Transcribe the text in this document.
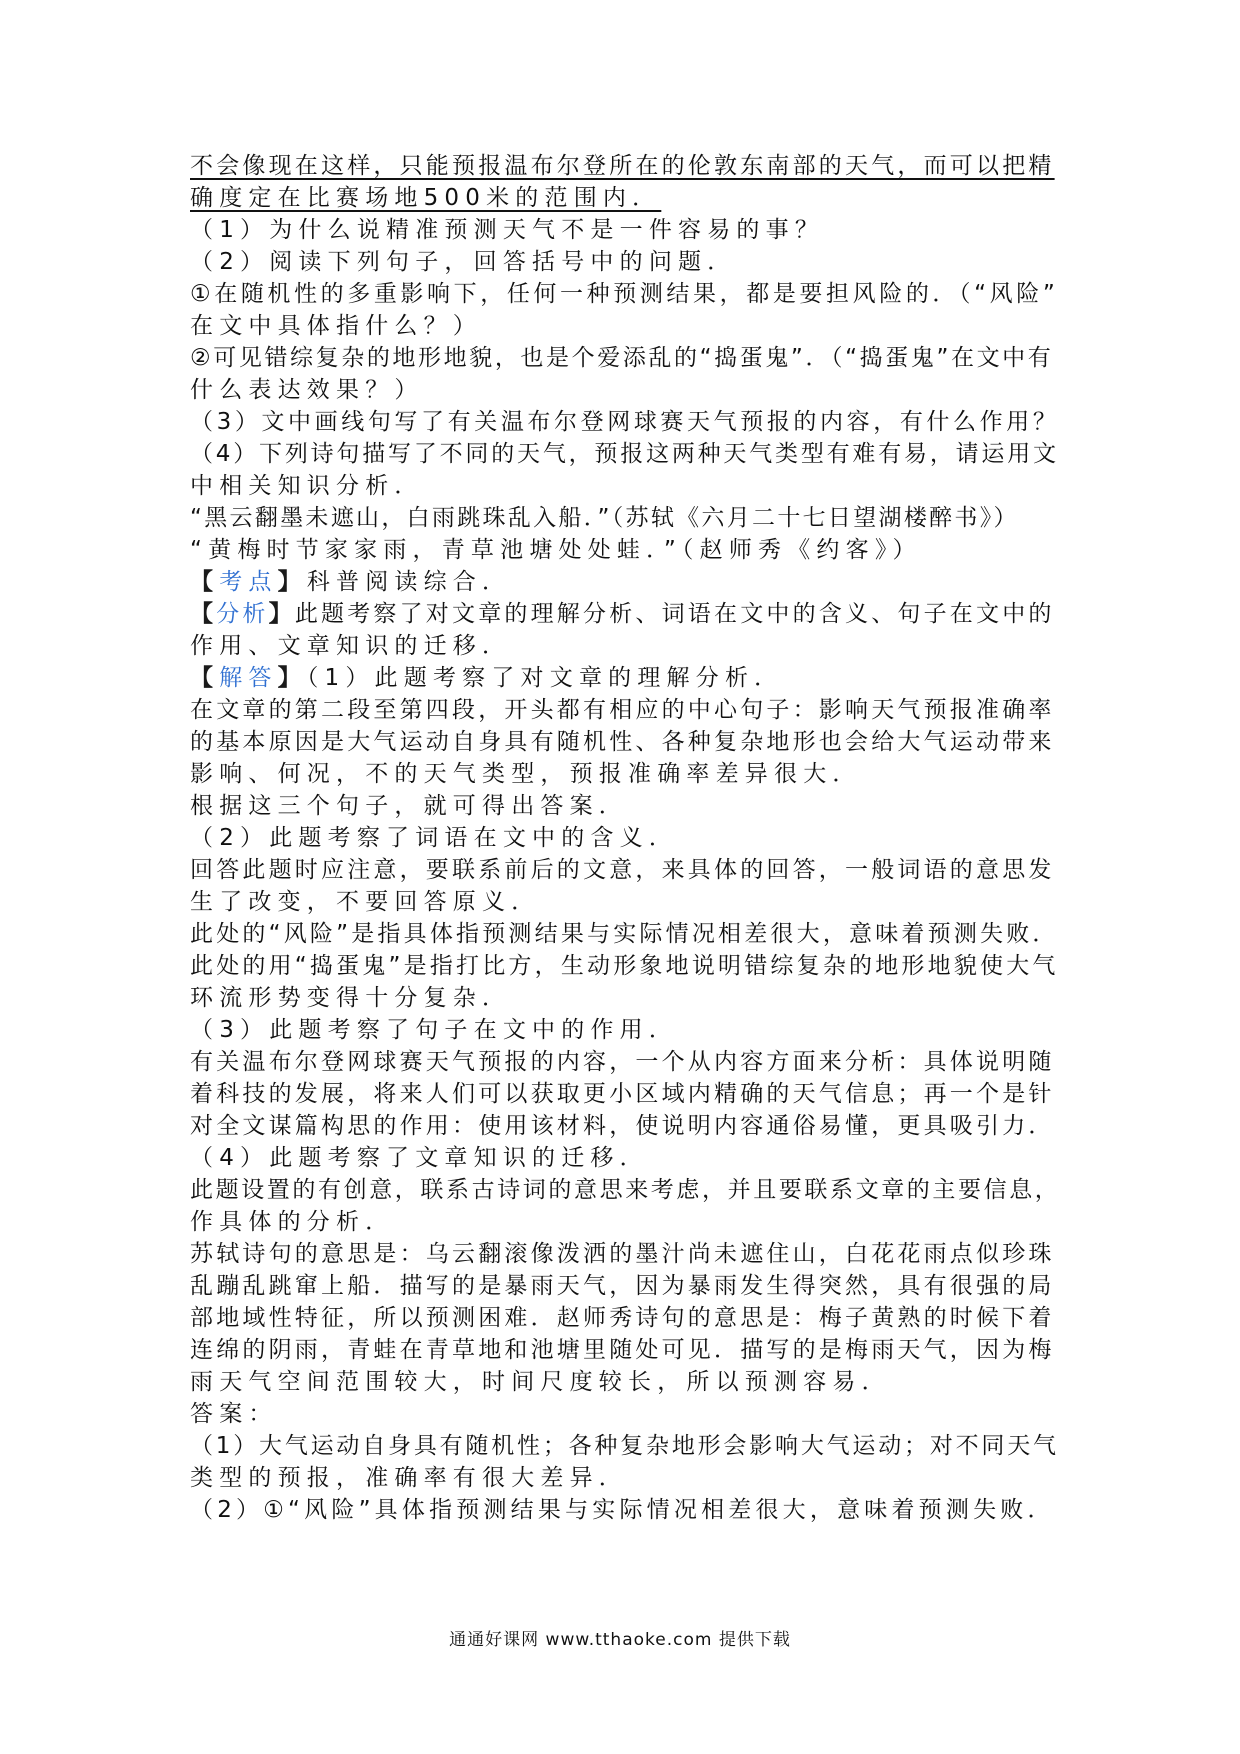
不会像现在这样，只能预报温布尔登所在的伦敦东南部的天气，而可以把精
确度定在比赛场地500米的范围内．
（1）为什么说精准预测天气不是一件容易的事？
（2）阅读下列句子，回答括号中的问题．
①在随机性的多重影响下，任何一种预测结果，都是要担风险的．（“风险”
在文中具体指什么？）
②可见错综复杂的地形地貌，也是个爱添乱的“捣蛋鬼”．（“捣蛋鬼”在文中有
什么表达效果？）
（3）文中画线句写了有关温布尔登网球赛天气预报的内容，有什么作用？
（4）下列诗句描写了不同的天气，预报这两种天气类型有难有易，请运用文
中相关知识分析．
“黑云翻墨未遮山，白雨跳珠乱入船．”（苏轼《六月二十七日望湖楼醉书》）
“黄梅时节家家雨，青草池塘处处蛙．”（赵师秀《约客》）
【考点】科普阅读综合．
【分析】此题考察了对文章的理解分析、词语在文中的含义、句子在文中的
作用、文章知识的迁移．
【解答】（1）此题考察了对文章的理解分析．
在文章的第二段至第四段，开头都有相应的中心句子：影响天气预报准确率
的基本原因是大气运动自身具有随机性、各种复杂地形也会给大气运动带来
影响、何况，不的天气类型，预报准确率差异很大．
根据这三个句子，就可得出答案．
（2）此题考察了词语在文中的含义．
回答此题时应注意，要联系前后的文意，来具体的回答，一般词语的意思发
生了改变，不要回答原义．
此处的“风险”是指具体指预测结果与实际情况相差很大，意味着预测失败．
此处的用“捣蛋鬼”是指打比方，生动形象地说明错综复杂的地形地貌使大气
环流形势变得十分复杂．
（3）此题考察了句子在文中的作用．
有关温布尔登网球赛天气预报的内容，一个从内容方面来分析：具体说明随
着科技的发展，将来人们可以获取更小区域内精确的天气信息；再一个是针
对全文谋篇构思的作用：使用该材料，使说明内容通俗易懂，更具吸引力．
（4）此题考察了文章知识的迁移．
此题设置的有创意，联系古诗词的意思来考虑，并且要联系文章的主要信息，
作具体的分析．
苏轼诗句的意思是：乌云翻滚像泼洒的墨汁尚未遮住山，白花花雨点似珍珠
乱蹦乱跳窜上船．描写的是暴雨天气，因为暴雨发生得突然，具有很强的局
部地域性特征，所以预测困难．赵师秀诗句的意思是：梅子黄熟的时候下着
连绵的阴雨，青蛙在青草地和池塘里随处可见．描写的是梅雨天气，因为梅
雨天气空间范围较大，时间尺度较长，所以预测容易．
答案：
（1）大气运动自身具有随机性；各种复杂地形会影响大气运动；对不同天气
类型的预报，准确率有很大差异．
（2）①“风险”具体指预测结果与实际情况相差很大，意味着预测失败．
通通好课网 www.tthaoke.com 提供下载
